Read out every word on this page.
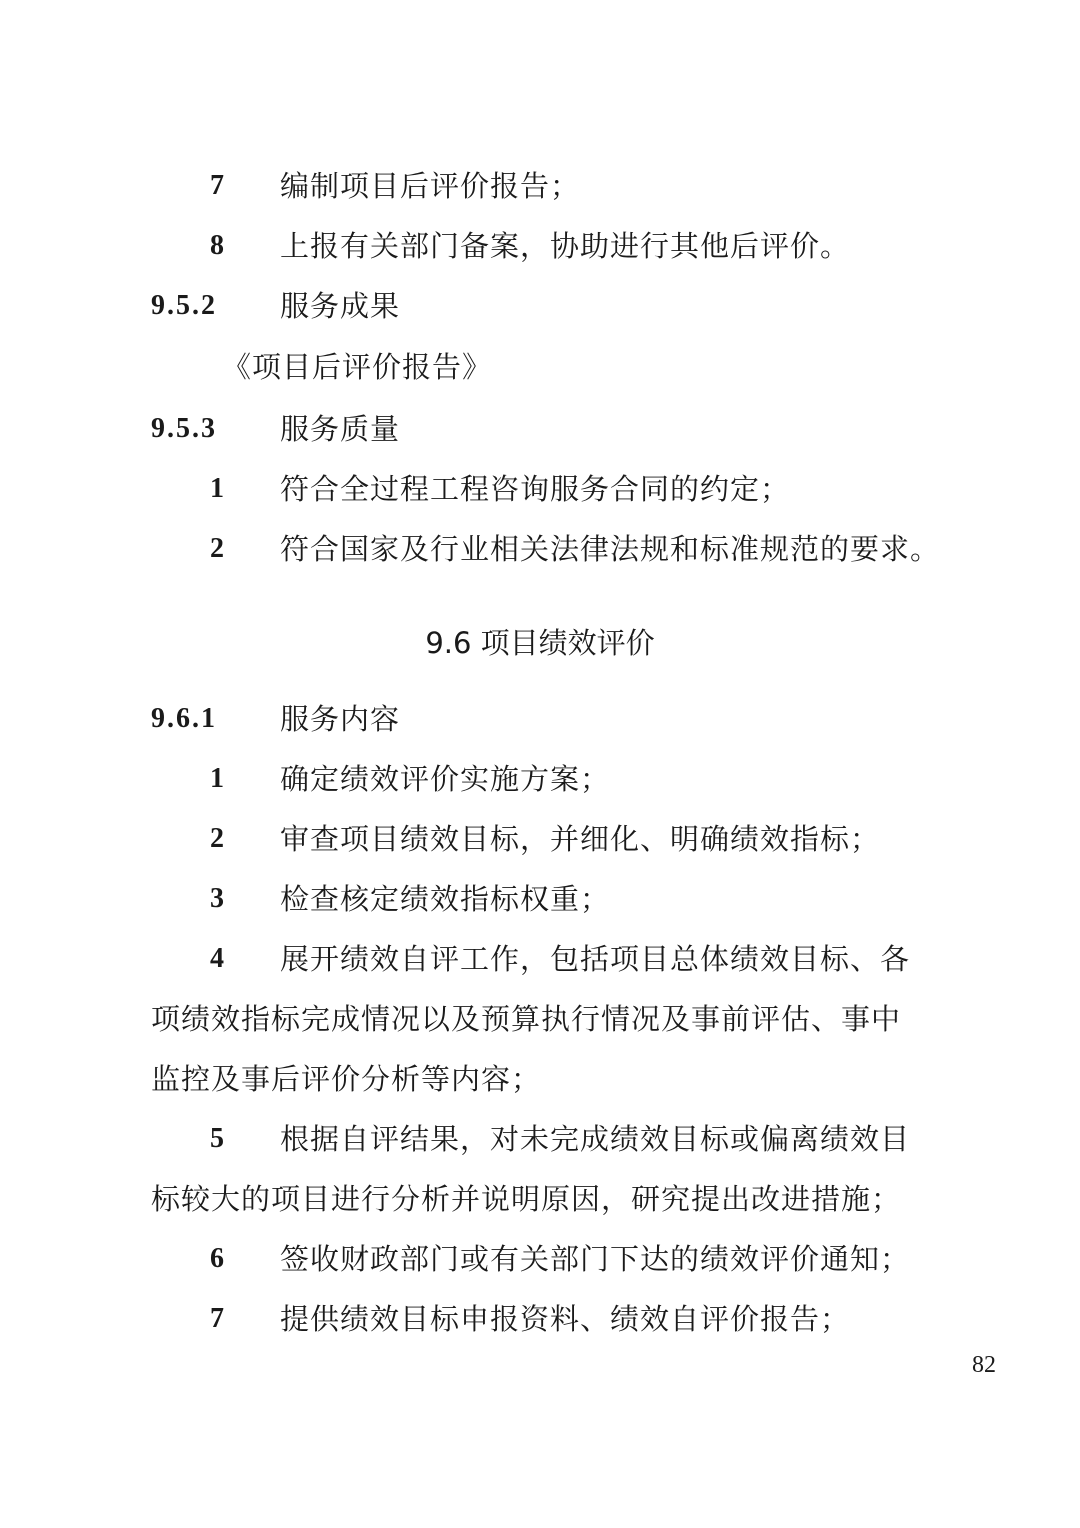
7 编制项目后评价报告；
8 上报有关部门备案，协助进行其他后评价。
9.5.2 服务成果
《项目后评价报告》
9.5.3 服务质量
1 符合全过程工程咨询服务合同的约定；
2 符合国家及行业相关法律法规和标准规范的要求。
9.6 项目绩效评价
9.6.1 服务内容
1 确定绩效评价实施方案；
2 审查项目绩效目标，并细化、明确绩效指标；
3 检查核定绩效指标权重；
4 展开绩效自评工作，包括项目总体绩效目标、各
项绩效指标完成情况以及预算执行情况及事前评估、事中
监控及事后评价分析等内容；
5 根据自评结果，对未完成绩效目标或偏离绩效目
标较大的项目进行分析并说明原因，研究提出改进措施；
6 签收财政部门或有关部门下达的绩效评价通知；
7 提供绩效目标申报资料、绩效自评价报告；
82
